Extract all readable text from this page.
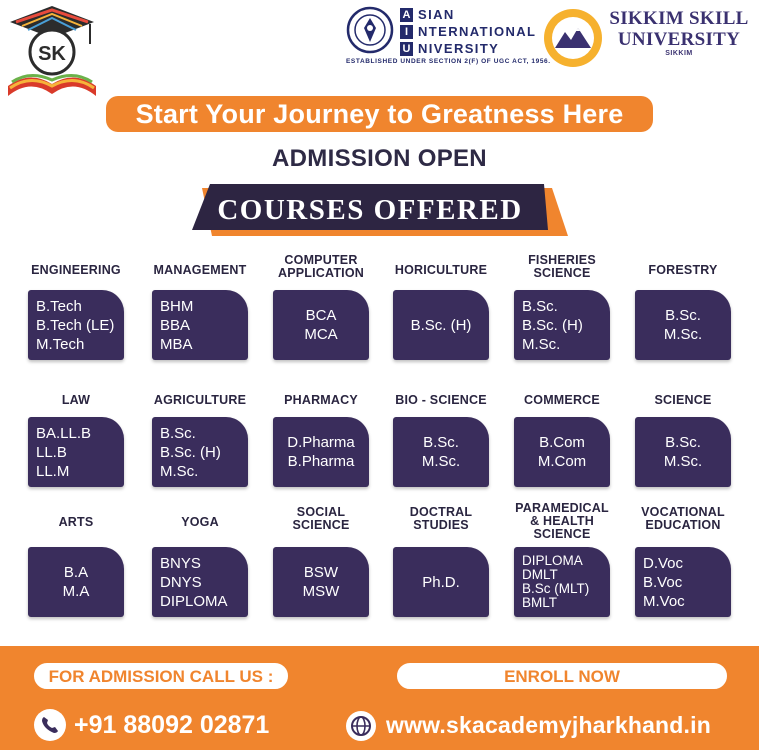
SK
A SIAN
I NTERNATIONAL
U NIVERSITY
ESTABLISHED UNDER SECTION 2(F) OF UGC ACT, 1956.
SIKKIM SKILL
UNIVERSITY
SIKKIM
Start Your Journey to Greatness Here
ADMISSION OPEN
COURSES OFFERED
ENGINEERING
B.Tech
B.Tech (LE)
M.Tech
MANAGEMENT
BHM
BBA
MBA
COMPUTER APPLICATION
BCA
MCA
HORICULTURE
B.Sc. (H)
FISHERIES SCIENCE
B.Sc.
B.Sc. (H)
M.Sc.
FORESTRY
B.Sc.
M.Sc.
LAW
BA.LL.B
LL.B
LL.M
AGRICULTURE
B.Sc.
B.Sc. (H)
M.Sc.
PHARMACY
D.Pharma
B.Pharma
BIO - SCIENCE
B.Sc.
M.Sc.
COMMERCE
B.Com
M.Com
SCIENCE
B.Sc.
M.Sc.
ARTS
B.A
M.A
YOGA
BNYS
DNYS
DIPLOMA
SOCIAL SCIENCE
BSW
MSW
DOCTRAL STUDIES
Ph.D.
PARAMEDICAL & HEALTH SCIENCE
DIPLOMA
DMLT
B.Sc (MLT)
BMLT
VOCATIONAL EDUCATION
D.Voc
B.Voc
M.Voc
FOR ADMISSION CALL US :	ENROLL NOW
+91 88092 02871	www.skacademyjharkhand.in
